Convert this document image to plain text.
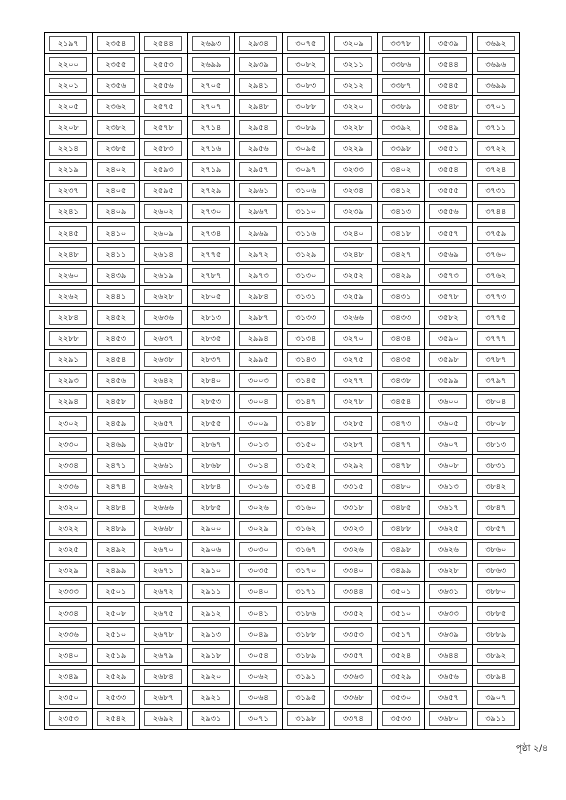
২১৯৭	২৩৫৪	২৫৪৪	২৬৯৩	২৯৩৪	৩০৭৫	৩২০৯	৩৩৭৮	৩৫৩৯	৩৬৯২

২২০০	২৩৫৫	২৫৫৩	২৬৯৯	২৯৩৯	৩০৮২	৩২১১	৩৩৮৬	৩৫৪৪	৩৬৯৬

২২০১	২৩৫৬	২৫৫৬	২৭০৫	২৯৪১	৩০৮৩	৩২১২	৩৩৮৭	৩৫৪৫	৩৬৯৯

২২০৫	২৩৬২	২৫৭৫	২৭০৭	২৯৪৮	৩০৮৮	৩২২০	৩৩৮৯	৩৫৪৮	৩৭০১

২২০৮	২৩৮২	২৫৭৮	২৭১৪	২৯৫৪	৩০৮৯	৩২২৮	৩৩৯২	৩৫৪৯	৩৭১১

২২১৪	২৩৮৫	২৫৮৩	২৭১৬	২৯৫৬	৩০৯৫	৩২২৯	৩৩৯৮	৩৫৫১	৩৭২২

২২১৯	২৪০২	২৫৯৩	২৭১৯	২৯৫৭	৩০৯৭	৩২৩৩	৩৪০২	৩৫৫৪	৩৭২৪

২২৩৭	২৪০৫	২৫৯৫	২৭২৯	২৯৬১	৩১০৬	৩২৩৪	৩৪১২	৩৫৫৫	৩৭৩১

২২৪১	২৪০৯	২৬০২	২৭৩০	২৯৬৭	৩১১০	৩২৩৯	৩৪১৩	৩৫৫৬	৩৭৪৪

২২৪৫	২৪১০	২৬০৯	২৭৩৪	২৯৬৯	৩১১৬	৩২৪০	৩৪১৮	৩৫৫৭	৩৭৫৯

২২৪৮	২৪১১	২৬১৪	২৭৭৫	২৯৭২	৩১২৯	৩২৪৮	৩৪২৭	৩৫৬৯	৩৭৬০

২২৬০	২৪৩৯	২৬১৯	২৭৮৭	২৯৭৩	৩১৩০	৩২৫২	৩৪২৯	৩৫৭৩	৩৭৬২

২২৬২	২৪৪১	২৬২৮	২৮০৫	২৯৮৪	৩১৩১	৩২৫৯	৩৪৩১	৩৫৭৮	৩৭৭৩

২২৮৪	২৪৫২	২৬৩৬	২৮১৩	২৯৮৭	৩১৩৩	৩২৬৬	৩৪৩৩	৩৫৮২	৩৭৭৫

২২৮৮	২৪৫৩	২৬৩৭	২৮৩৫	২৯৯৪	৩১৩৪	৩২৭০	৩৪৩৪	৩৫৯০	৩৭৭৭

২২৯১	২৪৫৪	২৬৩৮	২৮৩৭	২৯৯৫	৩১৪৩	৩২৭৫	৩৪৩৫	৩৫৯৮	৩৭৮৭

২২৯৩	২৪৫৬	২৬৪২	২৮৪০	৩০০৩	৩১৪৫	৩২৭৭	৩৪৩৮	৩৫৯৯	৩৭৯৭

২২৯৪	২৪৫৮	২৬৪৫	২৮৫৩	৩০০৪	৩১৪৭	৩২৭৮	৩৪৫৪	৩৬০০	৩৮০৪

২৩০২	২৪৫৯	২৬৫৭	২৮৫৫	৩০০৯	৩১৪৮	৩২৮৫	৩৪৭৩	৩৬০৫	৩৮০৮

২৩৩০	২৪৬৯	২৬৫৮	২৮৬৭	৩০১৩	৩১৫০	৩২৮৭	৩৪৭৭	৩৬০৭	৩৮১৩

২৩৩৪	২৪৭১	২৬৬১	২৮৬৮	৩০১৪	৩১৫২	৩২৯২	৩৪৭৮	৩৬০৮	৩৮৩১

২৩৩৬	২৪৭৪	২৬৬২	২৮৮৪	৩০১৬	৩১৫৪	৩৩১৫	৩৪৮০	৩৬১৩	৩৮৪২

২৩২০	২৪৮৪	২৬৬৬	২৮৮৫	৩০২৬	৩১৬০	৩৩১৮	৩৪৮৫	৩৬১৭	৩৮৪৭

২৩২২	২৪৮৯	২৬৬৮	২৯০০	৩০২৯	৩১৬২	৩৩২৩	৩৪৮৮	৩৬২৫	৩৮৫৭

২৩২৫	২৪৯২	২৬৭০	২৯০৬	৩০৩০	৩১৬৭	৩৩২৬	৩৪৯৮	৩৬২৬	৩৮৬০

২৩২৯	২৪৯৯	২৬৭১	২৯১০	৩০৩৫	৩১৭০	৩৩৪০	৩৪৯৯	৩৬২৮	৩৮৬৩

২৩৩৩	২৫০১	২৬৭২	২৯১১	৩০৪০	৩১৭১	৩৩৪৪	৩৫০১	৩৬৩১	৩৮৮০

২৩৩৪	২৫০৮	২৬৭৫	২৯১২	৩০৪১	৩১৮৬	৩৩৫২	৩৫১০	৩৬৩৩	৩৮৮৫

২৩৩৬	২৫১০	২৬৭৮	২৯১৩	৩০৪৯	৩১৮৮	৩৩৫৩	৩৫১৭	৩৬৩৯	৩৮৮৯

২৩৪০	২৫১৯	২৬৭৯	২৯১৮	৩০৫৪	৩১৮৯	৩৩৫৭	৩৫২৪	৩৬৪৪	৩৮৯২

২৩৪৯	২৫২৯	২৬৮৪	২৯২০	৩০৬২	৩১৯১	৩৩৬৩	৩৫২৯	৩৬৫৬	৩৮৯৪

২৩৫০	২৫৩৩	২৬৮৭	২৯২১	৩০৬৪	৩১৯৫	৩৩৬৮	৩৫৩০	৩৬৫৭	৩৯০৭

২৩৫৩	২৫৪২	২৬৯২	২৯৩১	৩০৭১	৩১৯৮	৩৩৭৪	৩৫৩৩	৩৬৮০	৩৯১১
পৃষ্ঠা ২/৪
